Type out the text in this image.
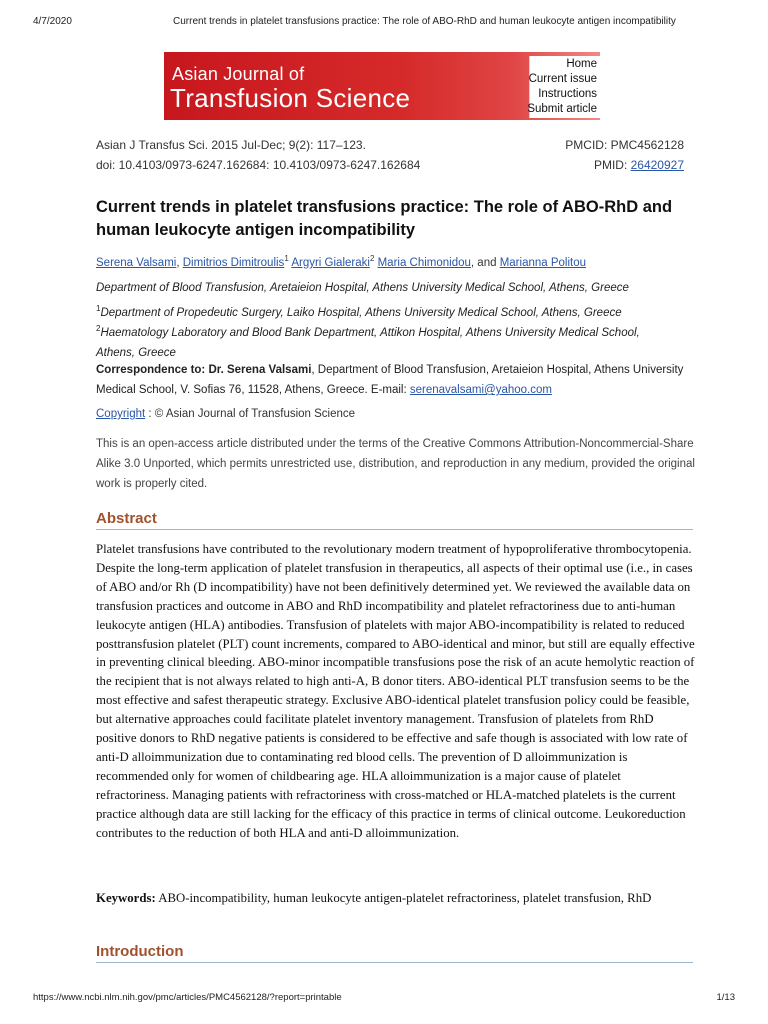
4/7/2020	Current trends in platelet transfusions practice: The role of ABO-RhD and human leukocyte antigen incompatibility
Asian Journal of
Transfusion Science
Home
Current issue
Instructions
Submit article
Asian J Transfus Sci. 2015 Jul-Dec; 9(2): 117–123.	PMCID: PMC4562128
doi: 10.4103/0973-6247.162684: 10.4103/0973-6247.162684	PMID: 26420927
Current trends in platelet transfusions practice: The role of ABO-RhD and human leukocyte antigen incompatibility
Serena Valsami, Dimitrios Dimitroulis$^1$ Argyri Gialeraki$^2$ Maria Chimonidou, and Marianna Politou
Department of Blood Transfusion, Aretaieion Hospital, Athens University Medical School, Athens, Greece
$^1$Department of Propedeutic Surgery, Laiko Hospital, Athens University Medical School, Athens, Greece
$^2$Haematology Laboratory and Blood Bank Department, Attikon Hospital, Athens University Medical School,
Athens, Greece
Correspondence to: Dr. Serena Valsami, Department of Blood Transfusion, Aretaieion Hospital, Athens University Medical School, V. Sofias 76, 11528, Athens, Greece. E-mail: serenavalsami@yahoo.com
Copyright : © Asian Journal of Transfusion Science
This is an open-access article distributed under the terms of the Creative Commons Attribution-Noncommercial-Share Alike 3.0 Unported, which permits unrestricted use, distribution, and reproduction in any medium, provided the original work is properly cited.
Abstract
Platelet transfusions have contributed to the revolutionary modern treatment of hypoproliferative thrombocytopenia. Despite the long-term application of platelet transfusion in therapeutics, all aspects of their optimal use (i.e., in cases of ABO and/or Rh (D incompatibility) have not been definitively determined yet. We reviewed the available data on transfusion practices and outcome in ABO and RhD incompatibility and platelet refractoriness due to anti-human leukocyte antigen (HLA) antibodies. Transfusion of platelets with major ABO-incompatibility is related to reduced posttransfusion platelet (PLT) count increments, compared to ABO-identical and minor, but still are equally effective in preventing clinical bleeding. ABO-minor incompatible transfusions pose the risk of an acute hemolytic reaction of the recipient that is not always related to high anti-A, B donor titers. ABO-identical PLT transfusion seems to be the most effective and safest therapeutic strategy. Exclusive ABO-identical platelet transfusion policy could be feasible, but alternative approaches could facilitate platelet inventory management. Transfusion of platelets from RhD positive donors to RhD negative patients is considered to be effective and safe though is associated with low rate of anti-D alloimmunization due to contaminating red blood cells. The prevention of D alloimmunization is recommended only for women of childbearing age. HLA alloimmunization is a major cause of platelet refractoriness. Managing patients with refractoriness with cross-matched or HLA-matched platelets is the current practice although data are still lacking for the efficacy of this practice in terms of clinical outcome. Leukoreduction contributes to the reduction of both HLA and anti-D alloimmunization.
Keywords: ABO-incompatibility, human leukocyte antigen-platelet refractoriness, platelet transfusion, RhD
Introduction
https://www.ncbi.nlm.nih.gov/pmc/articles/PMC4562128/?report=printable	1/13
